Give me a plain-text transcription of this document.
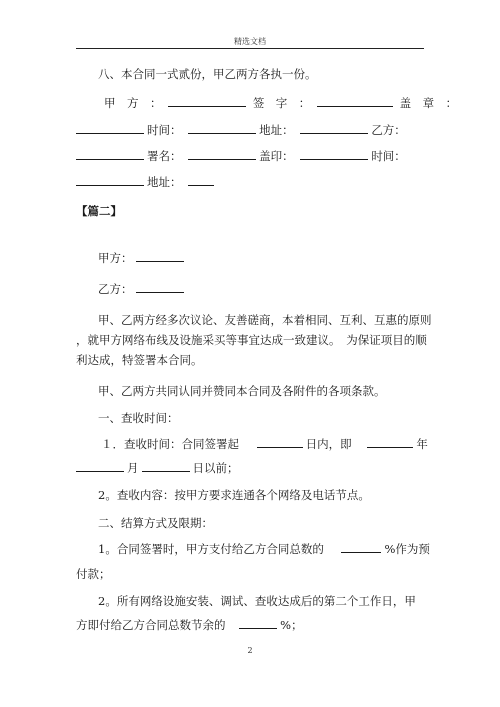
精选文档
八、本合同一式贰份，甲乙两方各执一份。
甲　方　：	签　字　：	盖　章　：
时间：	地址：	乙方：
署名：	盖印：	时间：
地址：
【篇二】
甲方：
乙方：
甲、乙两方经多次议论、友善磋商，本着相同、互利、互惠的原则
，就甲方网络布线及设施采买等事宜达成一致建议。　为保证项目的顺
利达成，特签署本合同。
甲、乙两方共同认同并赞同本合同及各附件的各项条款。
一、查收时间：
１．查收时间：合同签署起	日内，即	年
月	日以前；
2。查收内容：按甲方要求连通各个网络及电话节点。
二、结算方式及限期：
1。合同签署时，甲方支付给乙方合同总数的	%作为预
付款；
2。所有网络设施安装、调试、查收达成后的第二个工作日，甲
方即付给乙方合同总数节余的	%；
2
